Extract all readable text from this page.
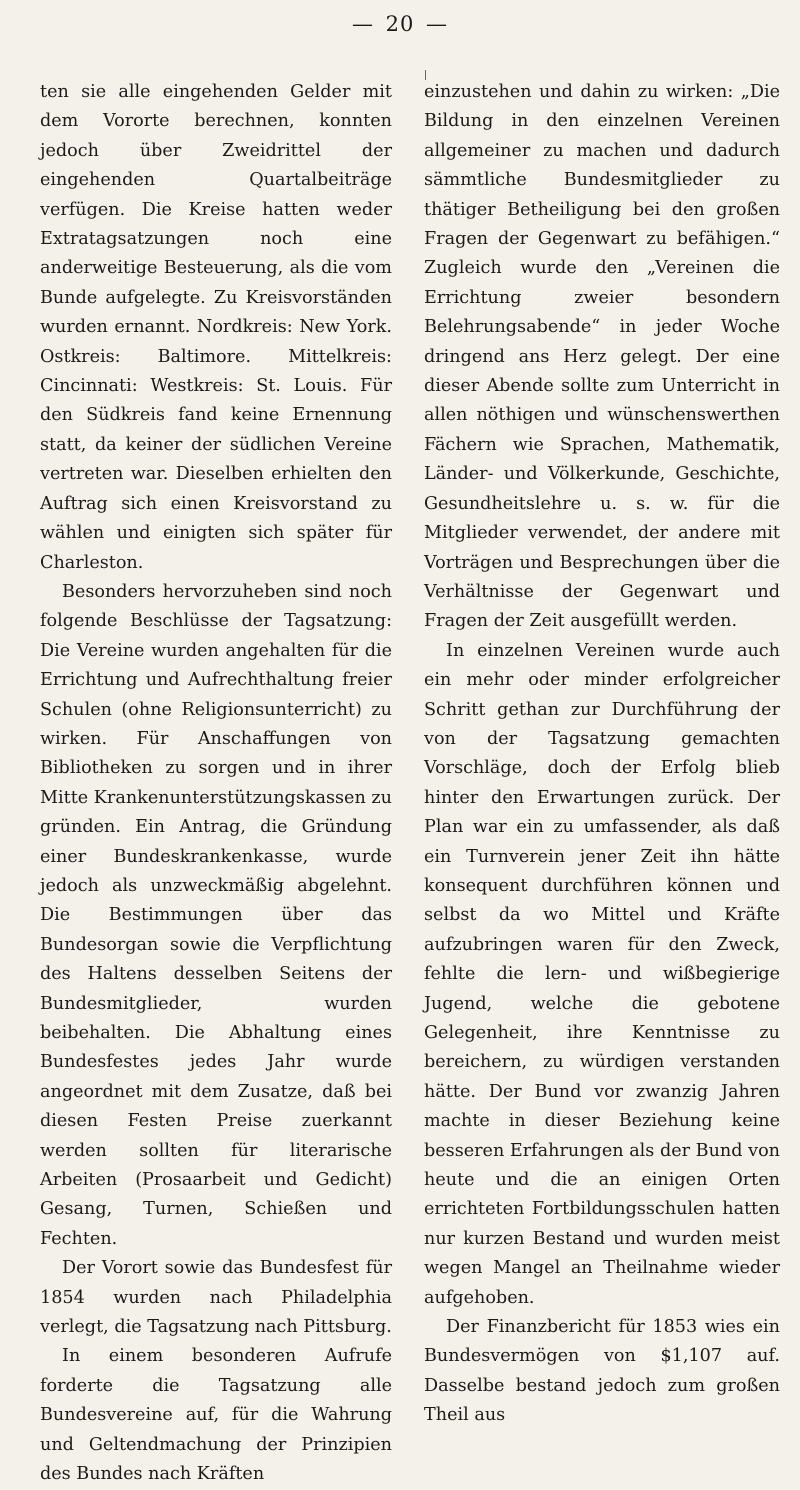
— 20 —

ten sie alle eingehenden Gelder mit dem Vororte berechnen, konnten jedoch über Zweidrittel der eingehenden Quartalbeiträge verfügen. Die Kreise hatten weder Extratagsatzungen noch eine anderweitige Besteuerung, als die vom Bunde aufgelegte. Zu Kreisvorständen wurden ernannt. Nordkreis: New York. Ostkreis: Baltimore. Mittelkreis: Cincinnati: Westkreis: St. Louis. Für den Südkreis fand keine Ernennung statt, da keiner der südlichen Vereine vertreten war. Dieselben erhielten den Auftrag sich einen Kreisvorstand zu wählen und einigten sich später für Charleston.

Besonders hervorzuheben sind noch folgende Beschlüsse der Tagsatzung: Die Vereine wurden angehalten für die Errichtung und Aufrechthaltung freier Schulen (ohne Religionsunterricht) zu wirken. Für Anschaffungen von Bibliotheken zu sorgen und in ihrer Mitte Krankenunterstützungskassen zu gründen. Ein Antrag, die Gründung einer Bundeskrankenkasse, wurde jedoch als unzweckmäßig abgelehnt. Die Bestimmungen über das Bundesorgan sowie die Verpflichtung des Haltens desselben Seitens der Bundesmitglieder, wurden beibehalten. Die Abhaltung eines Bundesfestes jedes Jahr wurde angeordnet mit dem Zusatze, daß bei diesen Festen Preise zuerkannt werden sollten für literarische Arbeiten (Prosaarbeit und Gedicht) Gesang, Turnen, Schießen und Fechten.

Der Vorort sowie das Bundesfest für 1854 wurden nach Philadelphia verlegt, die Tagsatzung nach Pittsburg.

In einem besonderen Aufrufe forderte die Tagsatzung alle Bundesvereine auf, für die Wahrung und Geltendmachung der Prinzipien des Bundes nach Kräften

einzustehen und dahin zu wirken: „Die Bildung in den einzelnen Vereinen allgemeiner zu machen und dadurch sämmtliche Bundesmitglieder zu thätiger Betheiligung bei den großen Fragen der Gegenwart zu befähigen.“ Zugleich wurde den „Vereinen die Errichtung zweier besondern Belehrungsabende“ in jeder Woche dringend ans Herz gelegt. Der eine dieser Abende sollte zum Unterricht in allen nöthigen und wünschenswerthen Fächern wie Sprachen, Mathematik, Länder- und Völkerkunde, Geschichte, Gesundheitslehre u. s. w. für die Mitglieder verwendet, der andere mit Vorträgen und Besprechungen über die Verhältnisse der Gegenwart und Fragen der Zeit ausgefüllt werden.

In einzelnen Vereinen wurde auch ein mehr oder minder erfolgreicher Schritt gethan zur Durchführung der von der Tagsatzung gemachten Vorschläge, doch der Erfolg blieb hinter den Erwartungen zurück. Der Plan war ein zu umfassender, als daß ein Turnverein jener Zeit ihn hätte konsequent durchführen können und selbst da wo Mittel und Kräfte aufzubringen waren für den Zweck, fehlte die lern- und wißbegierige Jugend, welche die gebotene Gelegenheit, ihre Kenntnisse zu bereichern, zu würdigen verstanden hätte. Der Bund vor zwanzig Jahren machte in dieser Beziehung keine besseren Erfahrungen als der Bund von heute und die an einigen Orten errichteten Fortbildungsschulen hatten nur kurzen Bestand und wurden meist wegen Mangel an Theilnahme wieder aufgehoben.

Der Finanzbericht für 1853 wies ein Bundesvermögen von $1,107 auf. Dasselbe bestand jedoch zum großen Theil aus
